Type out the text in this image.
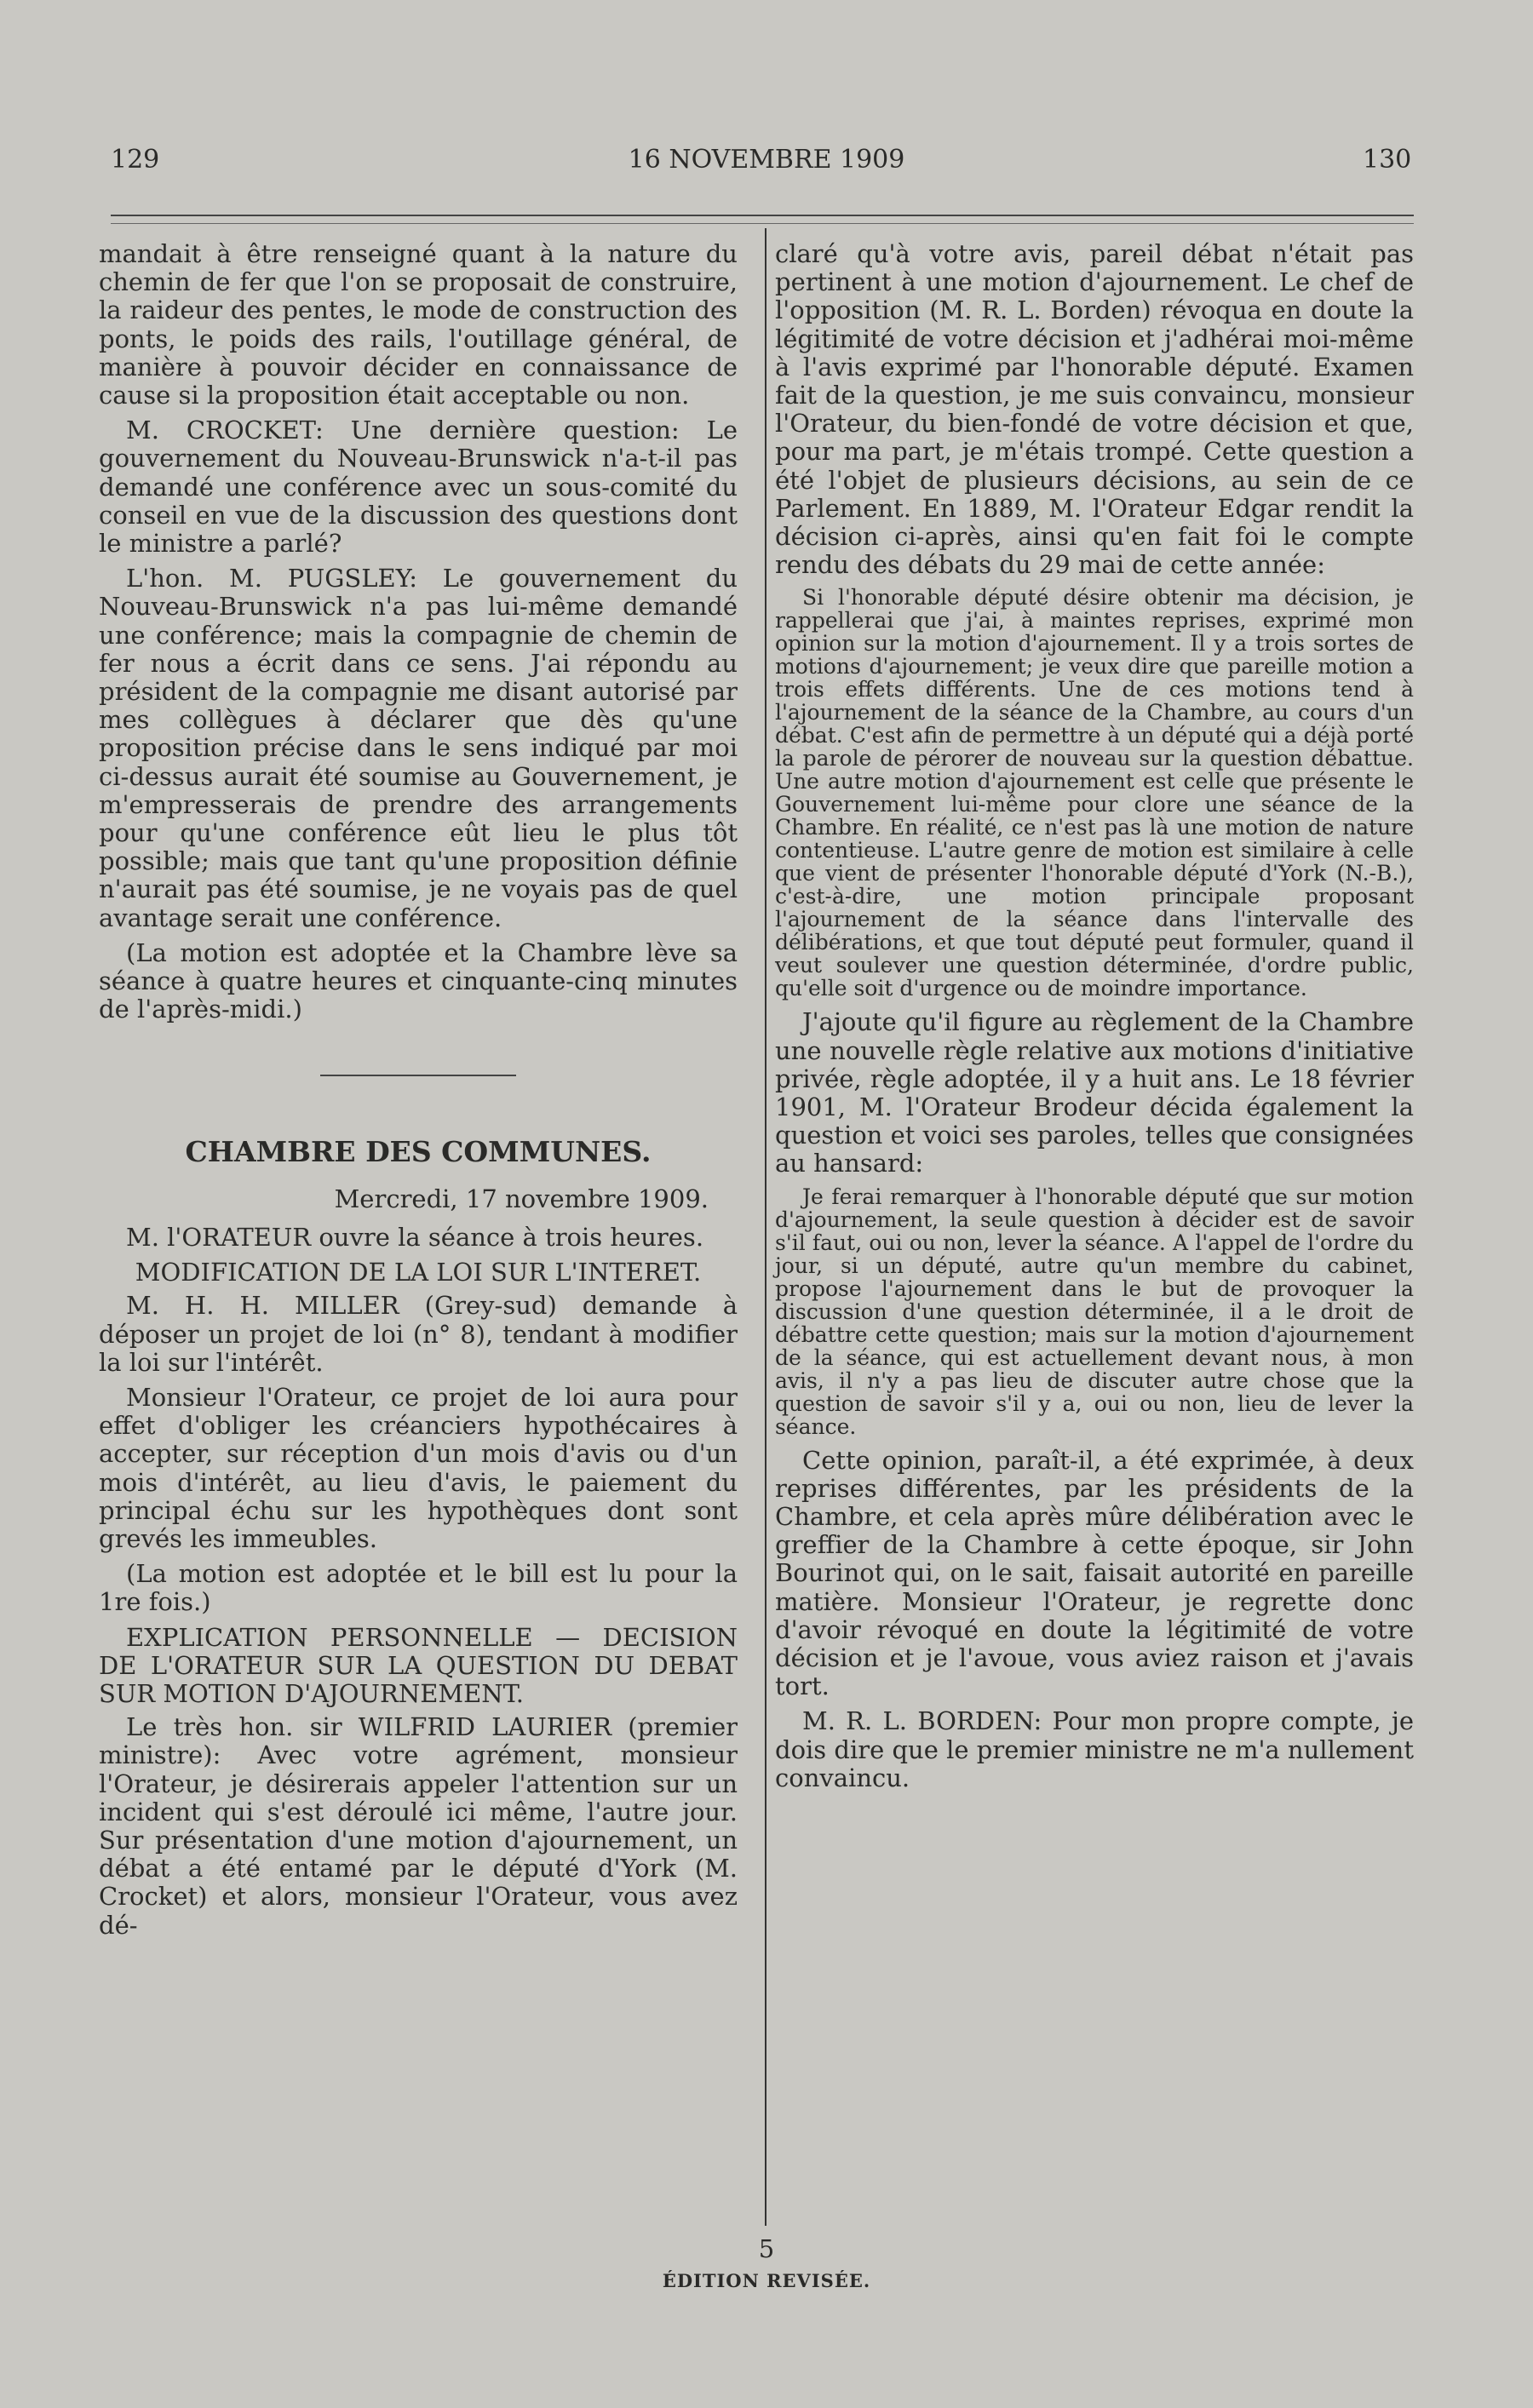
129	16 NOVEMBRE 1909	130

mandait à être renseigné quant à la nature du chemin de fer que l'on se proposait de construire, la raideur des pentes, le mode de construction des ponts, le poids des rails, l'outillage général, de manière à pouvoir décider en connaissance de cause si la proposition était acceptable ou non.

M. CROCKET: Une dernière question: Le gouvernement du Nouveau-Brunswick n'a-t-il pas demandé une conférence avec un sous-comité du conseil en vue de la discussion des questions dont le ministre a parlé?

L'hon. M. PUGSLEY: Le gouvernement du Nouveau-Brunswick n'a pas lui-même demandé une conférence; mais la compagnie de chemin de fer nous a écrit dans ce sens. J'ai répondu au président de la compagnie me disant autorisé par mes collègues à déclarer que dès qu'une proposition précise dans le sens indiqué par moi ci-dessus aurait été soumise au Gouvernement, je m'empresserais de prendre des arrangements pour qu'une conférence eût lieu le plus tôt possible; mais que tant qu'une proposition définie n'aurait pas été soumise, je ne voyais pas de quel avantage serait une conférence.

(La motion est adoptée et la Chambre lève sa séance à quatre heures et cinquante-cinq minutes de l'après-midi.)

CHAMBRE DES COMMUNES.
Mercredi, 17 novembre 1909.

M. l'ORATEUR ouvre la séance à trois heures.

MODIFICATION DE LA LOI SUR L'INTERET.

M. H. H. MILLER (Grey-sud) demande à déposer un projet de loi (n° 8), tendant à modifier la loi sur l'intérêt.

Monsieur l'Orateur, ce projet de loi aura pour effet d'obliger les créanciers hypothécaires à accepter, sur réception d'un mois d'avis ou d'un mois d'intérêt, au lieu d'avis, le paiement du principal échu sur les hypothèques dont sont grevés les immeubles.

(La motion est adoptée et le bill est lu pour la 1re fois.)

EXPLICATION PERSONNELLE — DECISION DE L'ORATEUR SUR LA QUESTION DU DEBAT SUR MOTION D'AJOURNEMENT.

Le très hon. sir WILFRID LAURIER (premier ministre): Avec votre agrément, monsieur l'Orateur, je désirerais appeler l'attention sur un incident qui s'est déroulé ici même, l'autre jour. Sur présentation d'une motion d'ajournement, un débat a été entamé par le député d'York (M. Crocket) et alors, monsieur l'Orateur, vous avez dé-

claré qu'à votre avis, pareil débat n'était pas pertinent à une motion d'ajournement. Le chef de l'opposition (M. R. L. Borden) révoqua en doute la légitimité de votre décision et j'adhérai moi-même à l'avis exprimé par l'honorable député. Examen fait de la question, je me suis convaincu, monsieur l'Orateur, du bien-fondé de votre décision et que, pour ma part, je m'étais trompé. Cette question a été l'objet de plusieurs décisions, au sein de ce Parlement. En 1889, M. l'Orateur Edgar rendit la décision ci-après, ainsi qu'en fait foi le compte rendu des débats du 29 mai de cette année:

Si l'honorable député désire obtenir ma décision, je rappellerai que j'ai, à maintes reprises, exprimé mon opinion sur la motion d'ajournement. Il y a trois sortes de motions d'ajournement; je veux dire que pareille motion a trois effets différents. Une de ces motions tend à l'ajournement de la séance de la Chambre, au cours d'un débat. C'est afin de permettre à un député qui a déjà porté la parole de pérorer de nouveau sur la question débattue. Une autre motion d'ajournement est celle que présente le Gouvernement lui-même pour clore une séance de la Chambre. En réalité, ce n'est pas là une motion de nature contentieuse. L'autre genre de motion est similaire à celle que vient de présenter l'honorable député d'York (N.-B.), c'est-à-dire, une motion principale proposant l'ajournement de la séance dans l'intervalle des délibérations, et que tout député peut formuler, quand il veut soulever une question déterminée, d'ordre public, qu'elle soit d'urgence ou de moindre importance.

J'ajoute qu'il figure au règlement de la Chambre une nouvelle règle relative aux motions d'initiative privée, règle adoptée, il y a huit ans. Le 18 février 1901, M. l'Orateur Brodeur décida également la question et voici ses paroles, telles que consignées au hansard:

Je ferai remarquer à l'honorable député que sur motion d'ajournement, la seule question à décider est de savoir s'il faut, oui ou non, lever la séance. A l'appel de l'ordre du jour, si un député, autre qu'un membre du cabinet, propose l'ajournement dans le but de provoquer la discussion d'une question déterminée, il a le droit de débattre cette question; mais sur la motion d'ajournement de la séance, qui est actuellement devant nous, à mon avis, il n'y a pas lieu de discuter autre chose que la question de savoir s'il y a, oui ou non, lieu de lever la séance.

Cette opinion, paraît-il, a été exprimée, à deux reprises différentes, par les présidents de la Chambre, et cela après mûre délibération avec le greffier de la Chambre à cette époque, sir John Bourinot qui, on le sait, faisait autorité en pareille matière. Monsieur l'Orateur, je regrette donc d'avoir révoqué en doute la légitimité de votre décision et je l'avoue, vous aviez raison et j'avais tort.

M. R. L. BORDEN: Pour mon propre compte, je dois dire que le premier ministre ne m'a nullement convaincu.

5
ÉDITION REVISÉE.
